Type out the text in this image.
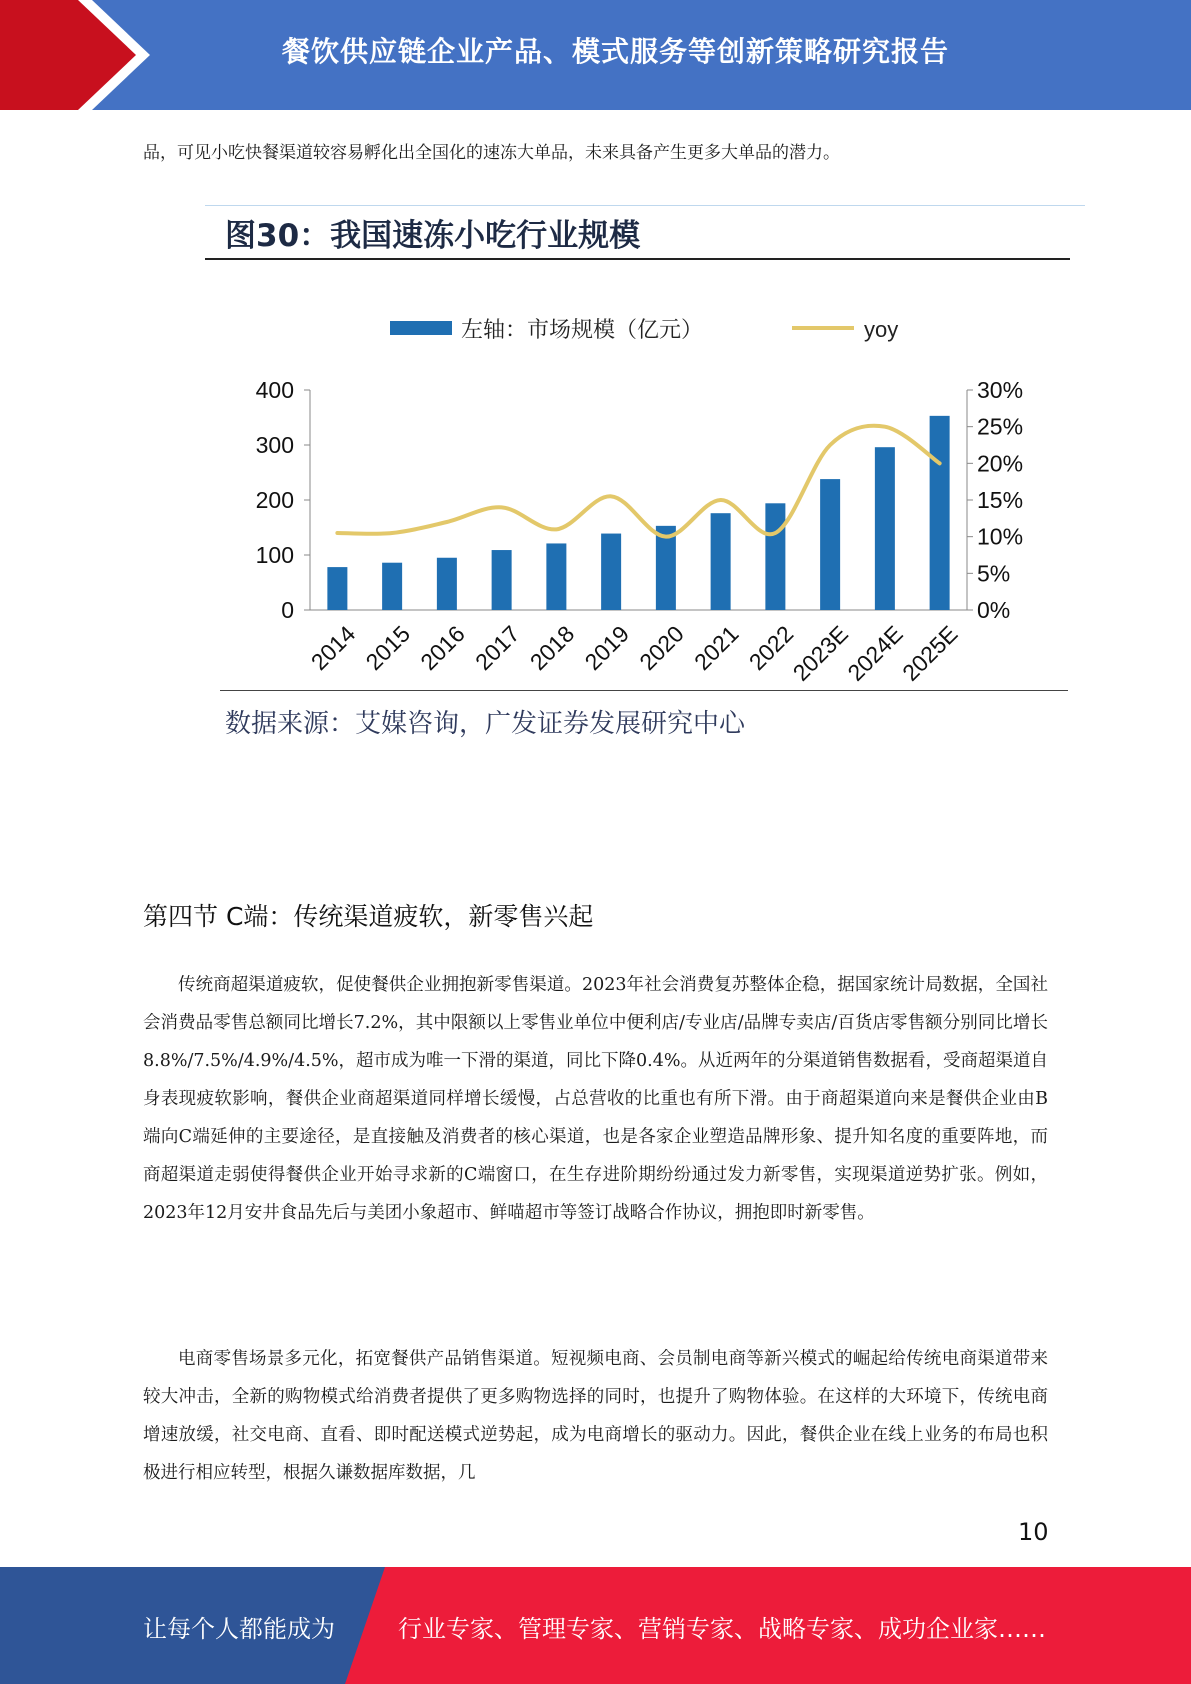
餐饮供应链企业产品、模式服务等创新策略研究报告
品，可见小吃快餐渠道较容易孵化出全国化的速冻大单品，未来具备产生更多大单品的潜力。
图30：我国速冻小吃行业规模
左轴：市场规模（亿元）	yoy
0
100
200
300
400
0%
5%
10%
15%
20%
25%
30%
2014 2015 2016 2017 2018 2019 2020 2021 2022
2023E
2024E
2025E
数据来源：艾媒咨询，广发证券发展研究中心
第四节 C端：传统渠道疲软，新零售兴起

传统商超渠道疲软，促使餐供企业拥抱新零售渠道。2023年社会消费复苏整体企稳，据国家统计局数据，全国社会消费品零售总额同比增长7.2%，其中限额以上零售业单位中便利店/专业店/品牌专卖店/百货店零售额分别同比增长8.8%/7.5%/4.9%/4.5%，超市成为唯一下滑的渠道，同比下降0.4%。从近两年的分渠道销售数据看，受商超渠道自身表现疲软影响，餐供企业商超渠道同样增长缓慢，占总营收的比重也有所下滑。由于商超渠道向来是餐供企业由B端向C端延伸的主要途径，是直接触及消费者的核心渠道，也是各家企业塑造品牌形象、提升知名度的重要阵地，而商超渠道走弱使得餐供企业开始寻求新的C端窗口，在生存进阶期纷纷通过发力新零售，实现渠道逆势扩张。例如，2023年12月安井食品先后与美团小象超市、鲜喵超市等签订战略合作协议，拥抱即时新零售。

电商零售场景多元化，拓宽餐供产品销售渠道。短视频电商、会员制电商等新兴模式的崛起给传统电商渠道带来较大冲击，全新的购物模式给消费者提供了更多购物选择的同时，也提升了购物体验。在这样的大环境下，传统电商增速放缓，社交电商、直看、即时配送模式逆势起，成为电商增长的驱动力。因此，餐供企业在线上业务的布局也积极进行相应转型，根据久谦数据库数据，几

10
让每个人都能成为	行业专家、管理专家、营销专家、战略专家、成功企业家……
